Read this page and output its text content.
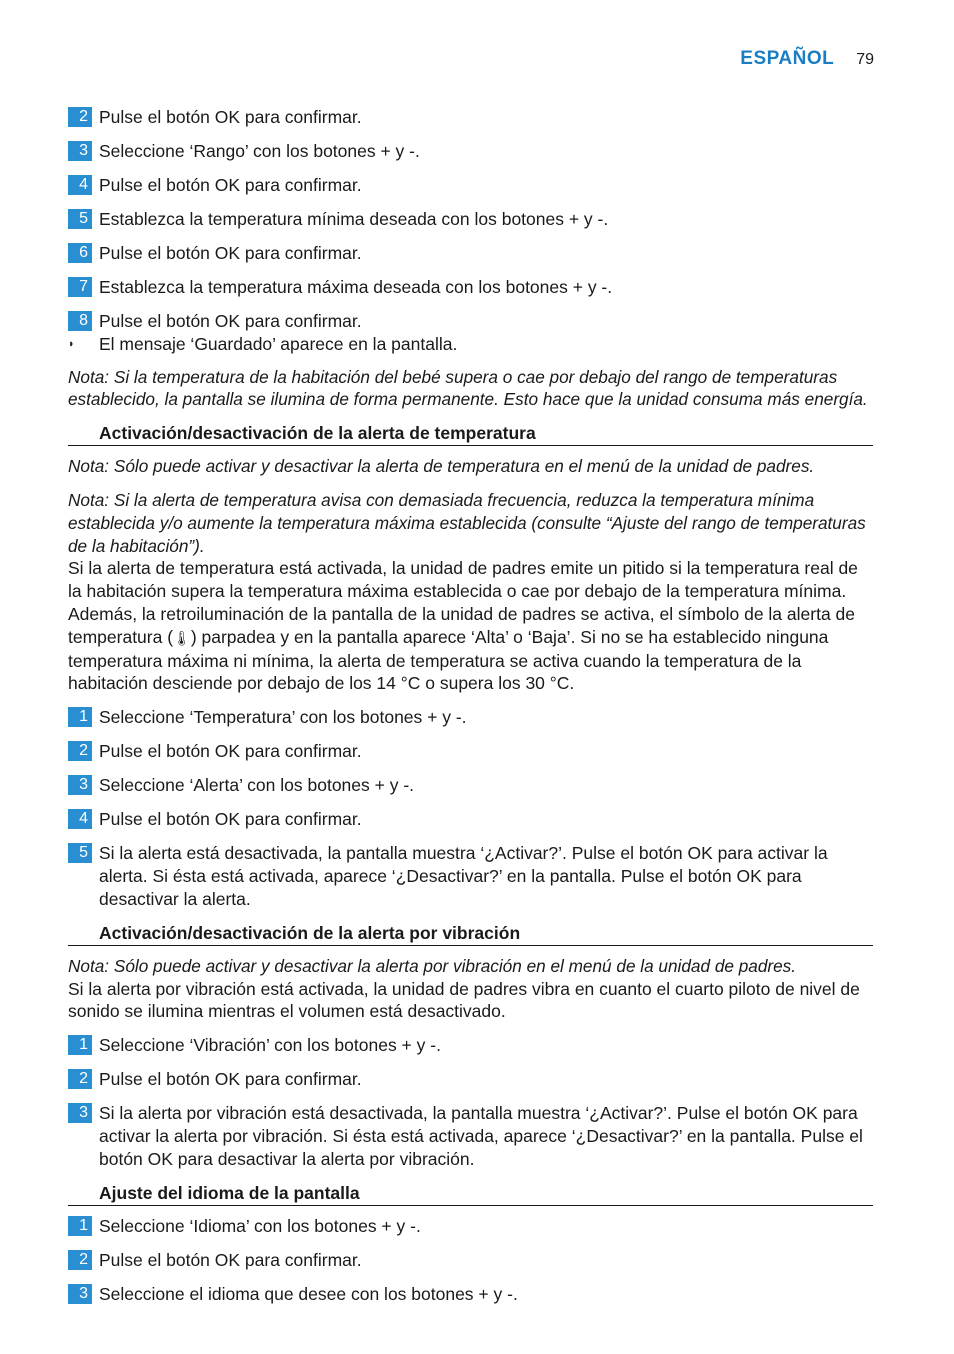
ESPAÑOL 79
2 Pulse el botón OK para confirmar.
3 Seleccione ‘Rango’ con los botones + y -.
4 Pulse el botón OK para confirmar.
5 Establezca la temperatura mínima deseada con los botones + y -.
6 Pulse el botón OK para confirmar.
7 Establezca la temperatura máxima deseada con los botones + y -.
8 Pulse el botón OK para confirmar.
◗	El mensaje ‘Guardado’ aparece en la pantalla.
Nota: Si la temperatura de la habitación del bebé supera o cae por debajo del rango de temperaturas establecido, la pantalla se ilumina de forma permanente. Esto hace que la unidad consuma más energía.
Activación/desactivación de la alerta de temperatura
Nota: Sólo puede activar y desactivar la alerta de temperatura en el menú de la unidad de padres.
Nota: Si la alerta de temperatura avisa con demasiada frecuencia, reduzca la temperatura mínima establecida y/o aumente la temperatura máxima establecida (consulte “Ajuste del rango de temperaturas de la habitación”).
Si la alerta de temperatura está activada, la unidad de padres emite un pitido si la temperatura real de la habitación supera la temperatura máxima establecida o cae por debajo de la temperatura mínima. Además, la retroiluminación de la pantalla de la unidad de padres se activa, el símbolo de la alerta de temperatura (🌡) parpadea y en la pantalla aparece ‘Alta’ o ‘Baja’. Si no se ha establecido ninguna temperatura máxima ni mínima, la alerta de temperatura se activa cuando la temperatura de la habitación desciende por debajo de los 14 °C o supera los 30 °C.
1 Seleccione ‘Temperatura’ con los botones + y -.
2 Pulse el botón OK para confirmar.
3 Seleccione ‘Alerta’ con los botones + y -.
4 Pulse el botón OK para confirmar.
5 Si la alerta está desactivada, la pantalla muestra ‘¿Activar?’. Pulse el botón OK para activar la alerta. Si ésta está activada, aparece ‘¿Desactivar?’ en la pantalla. Pulse el botón OK para desactivar la alerta.
Activación/desactivación de la alerta por vibración
Nota: Sólo puede activar y desactivar la alerta por vibración en el menú de la unidad de padres.
Si la alerta por vibración está activada, la unidad de padres vibra en cuanto el cuarto piloto de nivel de sonido se ilumina mientras el volumen está desactivado.
1 Seleccione ‘Vibración’ con los botones + y -.
2 Pulse el botón OK para confirmar.
3 Si la alerta por vibración está desactivada, la pantalla muestra ‘¿Activar?’. Pulse el botón OK para activar la alerta por vibración. Si ésta está activada, aparece ‘¿Desactivar?’ en la pantalla. Pulse el botón OK para desactivar la alerta por vibración.
Ajuste del idioma de la pantalla
1 Seleccione ‘Idioma’ con los botones + y -.
2 Pulse el botón OK para confirmar.
3 Seleccione el idioma que desee con los botones + y -.
